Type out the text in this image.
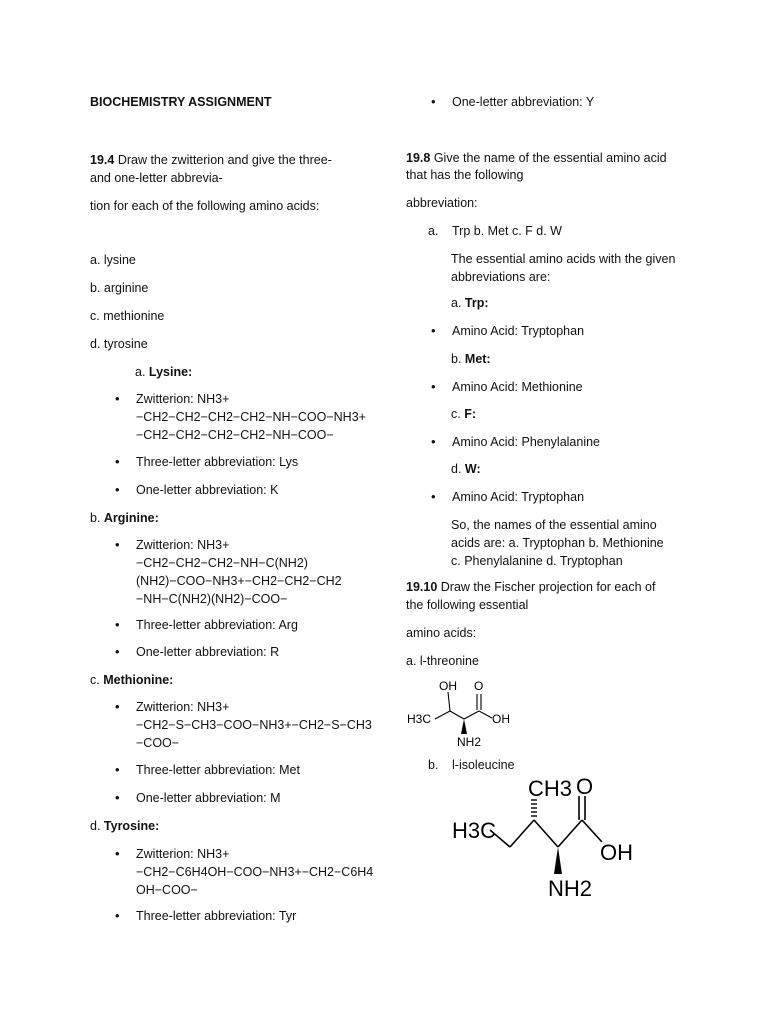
BIOCHEMISTRY ASSIGNMENT
19.4 Draw the zwitterion and give the three-
and one-letter abbrevia-
tion for each of the following amino acids:
a. lysine
b. arginine
c. methionine
d. tyrosine
a. Lysine:
• Zwitterion: NH3+
−CH2−CH2−CH2−CH2−NH−COO−NH3+
−CH2−CH2−CH2−CH2−NH−COO−
• Three-letter abbreviation: Lys
• One-letter abbreviation: K
b. Arginine:
• Zwitterion: NH3+
−CH2−CH2−CH2−NH−C(NH2)
(NH2)−COO−NH3+−CH2−CH2−CH2
−NH−C(NH2)(NH2)−COO−
• Three-letter abbreviation: Arg
• One-letter abbreviation: R
c. Methionine:
• Zwitterion: NH3+
−CH2−S−CH3−COO−NH3+−CH2−S−CH3
−COO−
• Three-letter abbreviation: Met
• One-letter abbreviation: M
d. Tyrosine:
• Zwitterion: NH3+
−CH2−C6H4OH−COO−NH3+−CH2−C6H4
OH−COO−
• Three-letter abbreviation: Tyr
• One-letter abbreviation: Y
19.8 Give the name of the essential amino acid
that has the following
abbreviation:
a. Trp b. Met c. F d. W
The essential amino acids with the given
abbreviations are:
a. Trp:
• Amino Acid: Tryptophan
b. Met:
• Amino Acid: Methionine
c. F:
• Amino Acid: Phenylalanine
d. W:
• Amino Acid: Tryptophan
So, the names of the essential amino
acids are: a. Tryptophan b. Methionine
c. Phenylalanine d. Tryptophan
19.10 Draw the Fischer projection for each of
the following essential
amino acids:
a. l-threonine
OH O
H3C	OH
NH2
b. l-isoleucine
CH3 O
H3C
OH
NH2
